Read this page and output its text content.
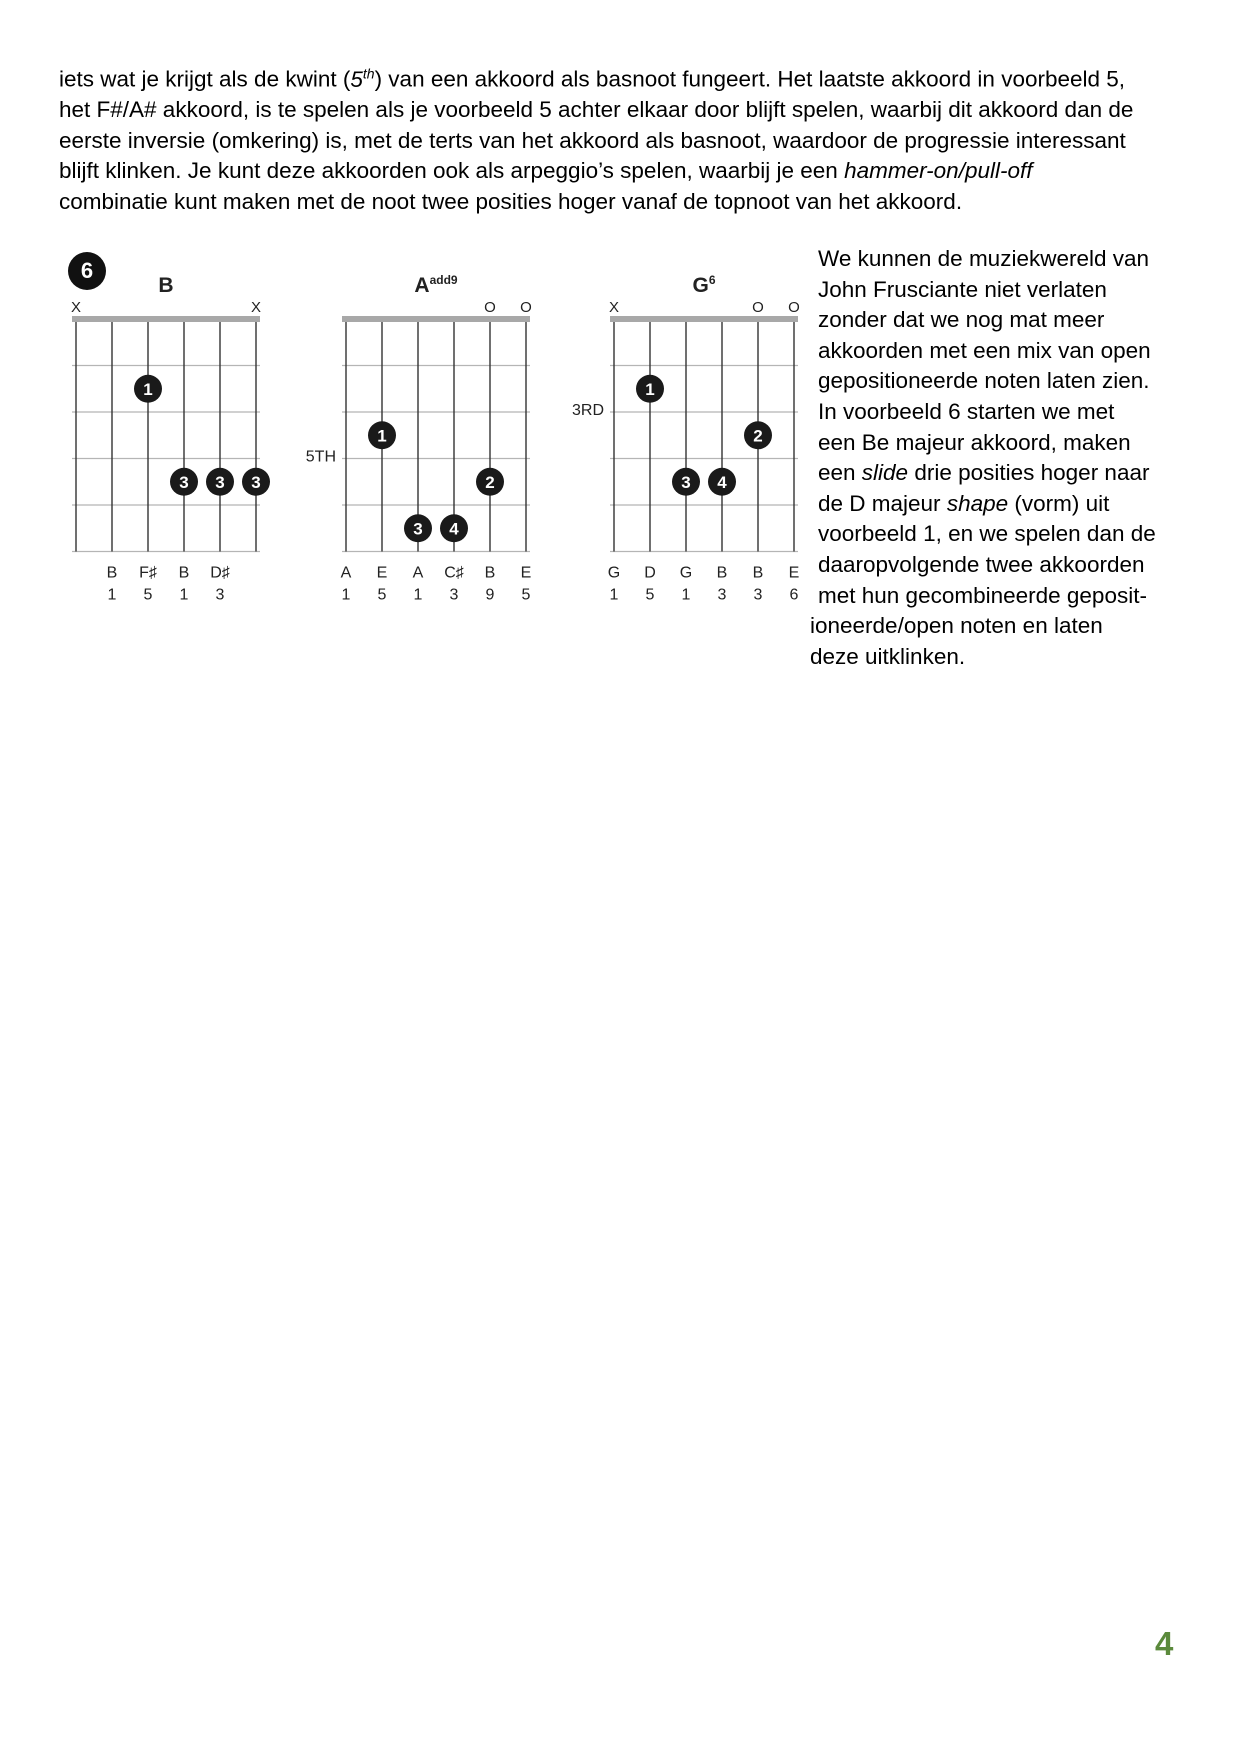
iets wat je krijgt als de kwint (5th) van een akkoord als basnoot fungeert. Het laatste akkoord in voorbeeld 5,

het F#/A# akkoord, is te spelen als je voorbeeld 5 achter elkaar door blijft spelen, waarbij dit akkoord dan de

eerste inversie (omkering) is, met de terts van het akkoord als basnoot, waardoor de progressie interessant

blijft klinken. Je kunt deze akkoorden ook als arpeggio’s spelen, waarbij je een hammer-on/pull-off

combinatie kunt maken met de noot twee posities hoger vanaf de topnoot van het akkoord.

B
X	X
1
3 3 3
B F♯ B D♯
1 5 1 3
6
$A^{add9}$
O O
5TH
1
3 4
2
A E A C♯ B E
1 5 1 3 9 5
$G^6$
X	O O
3RD
1
3 4
2
G D G B B E
1 5 1 3 3 6
We kunnen de muziekwereld van
John Frusciante niet verlaten
zonder dat we nog mat meer
akkoorden met een mix van open
gepositioneerde noten laten zien.
In voorbeeld 6 starten we met
een Be majeur akkoord, maken
een slide drie posities hoger naar
de D majeur shape (vorm) uit
voorbeeld 1, en we spelen dan de
daaropvolgende twee akkoorden
met hun gecombineerde geposit-
ioneerde/open noten en laten
deze uitklinken.
4
